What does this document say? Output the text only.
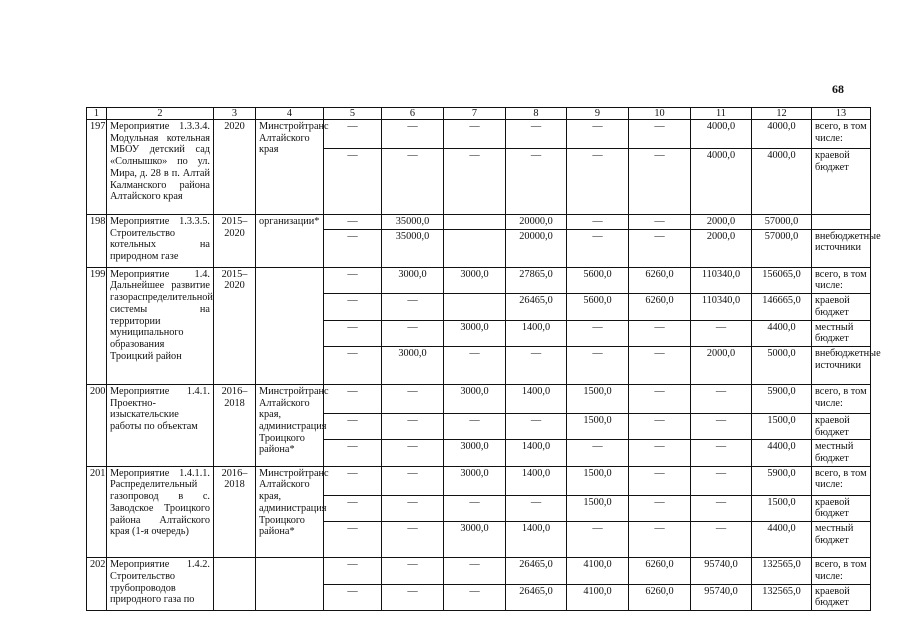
68
1	2	3	4	5	6	7	8	9	10	11	12	13
197	Мероприятие 1.3.3.4. Модульная котельная МБОУ детский сад «Солнышко» по ул. Мира, д. 28 в п. Алтай Калманского района Алтайского края	2020	Минстройтранс Алтайского края	—	—	—	—	—	—	4000,0	4000,0	всего, в том числе:
				—	—	—	—	—	—	4000,0	4000,0	краевой бюджет
198	Мероприятие 1.3.3.5. Строительство котельных на природном газе	2015–2020	организации*	—	35000,0		20000,0	—	—	2000,0	57000,0	
				—	35000,0		20000,0	—	—	2000,0	57000,0	внебюджетные источники
199	Мероприятие 1.4. Дальнейшее развитие газораспределительной системы на территории муниципального образования Троицкий район	2015–2020		—	3000,0	3000,0	27865,0	5600,0	6260,0	110340,0	156065,0	всего, в том числе:
				—	—		26465,0	5600,0	6260,0	110340,0	146665,0	краевой бюджет
				—	—	3000,0	1400,0	—	—	—	4400,0	местный бюджет
				—	3000,0	—	—	—	—	2000,0	5000,0	внебюджетные источники
200	Мероприятие 1.4.1. Проектно-изыскательские работы по объектам	2016–2018	Минстройтранс Алтайского края, администрация Троицкого района*	—	—	3000,0	1400,0	1500,0	—	—	5900,0	всего, в том числе:
				—	—	—	—	1500,0	—	—	1500,0	краевой бюджет
				—	—	3000,0	1400,0	—	—	—	4400,0	местный бюджет
201	Мероприятие 1.4.1.1. Распределительный газопровод в с. Заводское Троицкого района Алтайского края (1-я очередь)	2016–2018	Минстройтранс Алтайского края, администрация Троицкого района*	—	—	3000,0	1400,0	1500,0	—	—	5900,0	всего, в том числе:
				—	—	—	—	1500,0	—	—	1500,0	краевой бюджет
				—	—	3000,0	1400,0	—	—	—	4400,0	местный бюджет
202	Мероприятие 1.4.2. Строительство трубопроводов природного газа по			—	—	—	26465,0	4100,0	6260,0	95740,0	132565,0	всего, в том числе:
				—	—	—	26465,0	4100,0	6260,0	95740,0	132565,0	краевой бюджет
